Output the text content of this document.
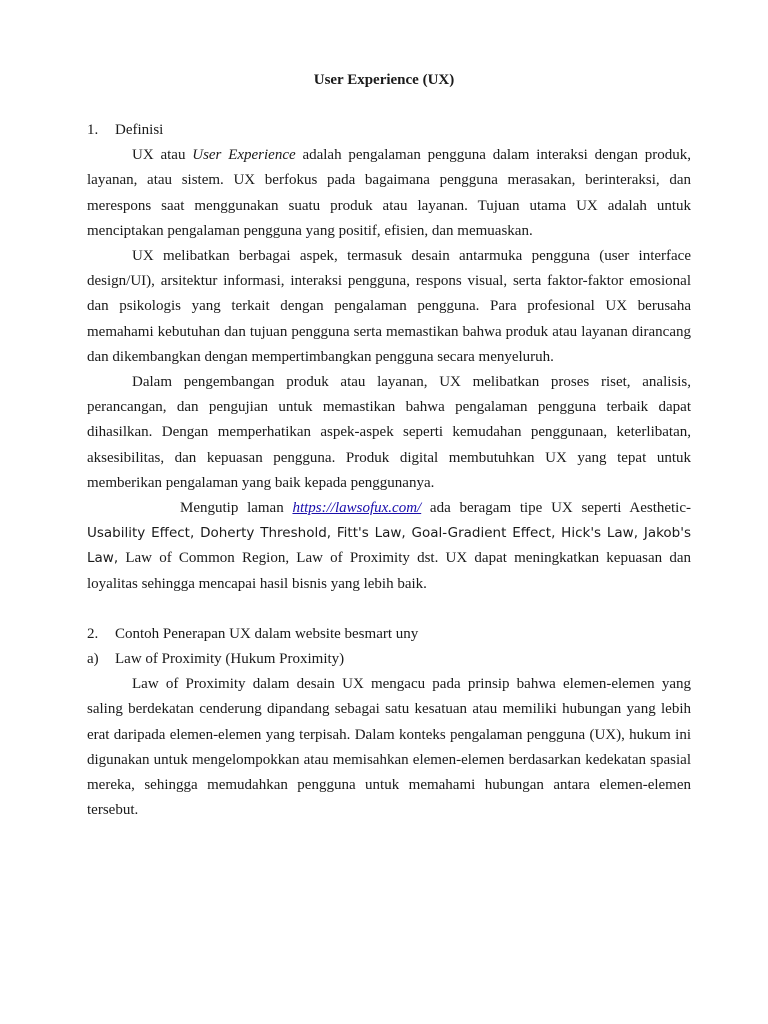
User Experience (UX)
1.	Definisi

UX atau User Experience adalah pengalaman pengguna dalam interaksi dengan produk, layanan, atau sistem. UX berfokus pada bagaimana pengguna merasakan, berinteraksi, dan merespons saat menggunakan suatu produk atau layanan. Tujuan utama UX adalah untuk menciptakan pengalaman pengguna yang positif, efisien, dan memuaskan.

UX melibatkan berbagai aspek, termasuk desain antarmuka pengguna (user interface design/UI), arsitektur informasi, interaksi pengguna, respons visual, serta faktor-faktor emosional dan psikologis yang terkait dengan pengalaman pengguna. Para profesional UX berusaha memahami kebutuhan dan tujuan pengguna serta memastikan bahwa produk atau layanan dirancang dan dikembangkan dengan mempertimbangkan pengguna secara menyeluruh.

Dalam pengembangan produk atau layanan, UX melibatkan proses riset, analisis, perancangan, dan pengujian untuk memastikan bahwa pengalaman pengguna terbaik dapat dihasilkan. Dengan memperhatikan aspek-aspek seperti kemudahan penggunaan, keterlibatan, aksesibilitas, dan kepuasan pengguna. Produk digital membutuhkan UX yang tepat untuk memberikan pengalaman yang baik kepada penggunanya.

Mengutip laman https://lawsofux.com/ ada beragam tipe UX seperti Aesthetic- Usability Effect, Doherty Threshold, Fitt's Law, Goal-Gradient Effect, Hick's Law, Jakob's Law, Law of Common Region, Law of Proximity dst. UX dapat meningkatkan kepuasan dan loyalitas sehingga mencapai hasil bisnis yang lebih baik.

2.	Contoh Penerapan UX dalam website besmart uny
a)	Law of Proximity (Hukum Proximity)

Law of Proximity dalam desain UX mengacu pada prinsip bahwa elemen-elemen yang saling berdekatan cenderung dipandang sebagai satu kesatuan atau memiliki hubungan yang lebih erat daripada elemen-elemen yang terpisah. Dalam konteks pengalaman pengguna (UX), hukum ini digunakan untuk mengelompokkan atau memisahkan elemen-elemen berdasarkan kedekatan spasial mereka, sehingga memudahkan pengguna untuk memahami hubungan antara elemen-elemen tersebut.
